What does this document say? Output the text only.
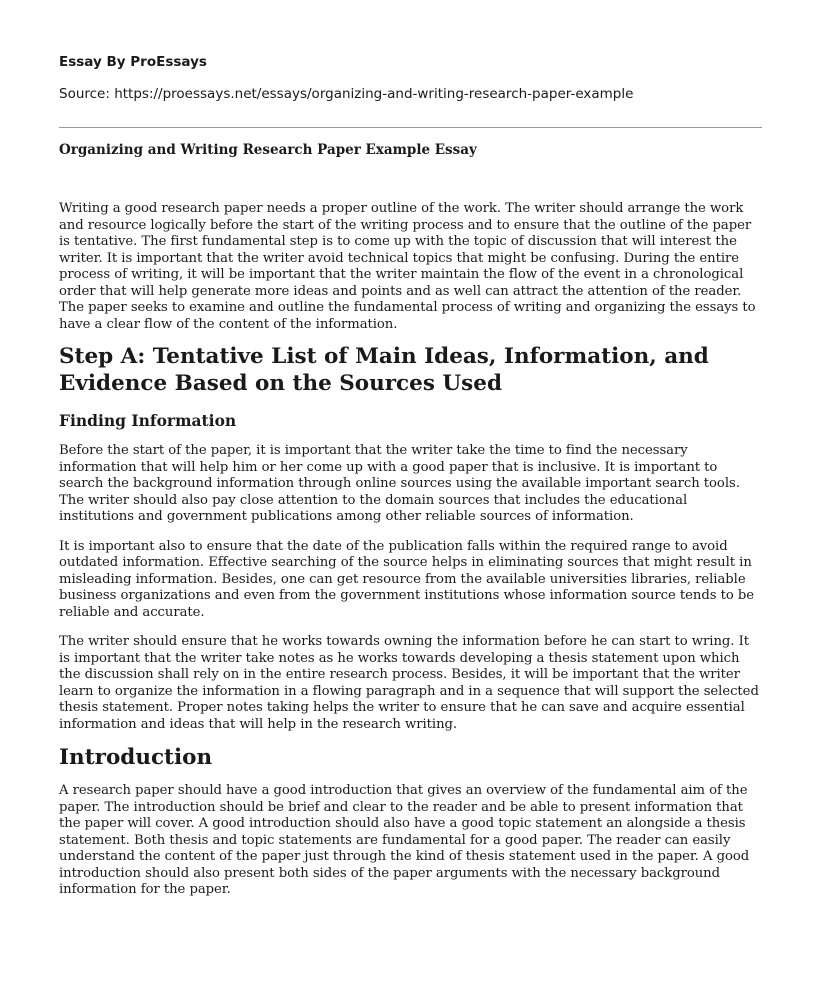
Essay By ProEssays

Source: https://proessays.net/essays/organizing-and-writing-research-paper-example

Organizing and Writing Research Paper Example Essay

Writing a good research paper needs a proper outline of the work. The writer should arrange the work and resource logically before the start of the writing process and to ensure that the outline of the paper is tentative. The first fundamental step is to come up with the topic of discussion that will interest the writer. It is important that the writer avoid technical topics that might be confusing. During the entire process of writing, it will be important that the writer maintain the flow of the event in a chronological order that will help generate more ideas and points and as well can attract the attention of the reader. The paper seeks to examine and outline the fundamental process of writing and organizing the essays to have a clear flow of the content of the information.

Step A: Tentative List of Main Ideas, Information, and Evidence Based on the Sources Used
Finding Information

Before the start of the paper, it is important that the writer take the time to find the necessary information that will help him or her come up with a good paper that is inclusive. It is important to search the background information through online sources using the available important search tools. The writer should also pay close attention to the domain sources that includes the educational institutions and government publications among other reliable sources of information.

It is important also to ensure that the date of the publication falls within the required range to avoid outdated information. Effective searching of the source helps in eliminating sources that might result in misleading information. Besides, one can get resource from the available universities libraries, reliable business organizations and even from the government institutions whose information source tends to be reliable and accurate.

The writer should ensure that he works towards owning the information before he can start to wring. It is important that the writer take notes as he works towards developing a thesis statement upon which the discussion shall rely on in the entire research process. Besides, it will be important that the writer learn to organize the information in a flowing paragraph and in a sequence that will support the selected thesis statement. Proper notes taking helps the writer to ensure that he can save and acquire essential information and ideas that will help in the research writing.

Introduction

A research paper should have a good introduction that gives an overview of the fundamental aim of the paper. The introduction should be brief and clear to the reader and be able to present information that the paper will cover. A good introduction should also have a good topic statement an alongside a thesis statement. Both thesis and topic statements are fundamental for a good paper. The reader can easily understand the content of the paper just through the kind of thesis statement used in the paper. A good introduction should also present both sides of the paper arguments with the necessary background information for the paper.
